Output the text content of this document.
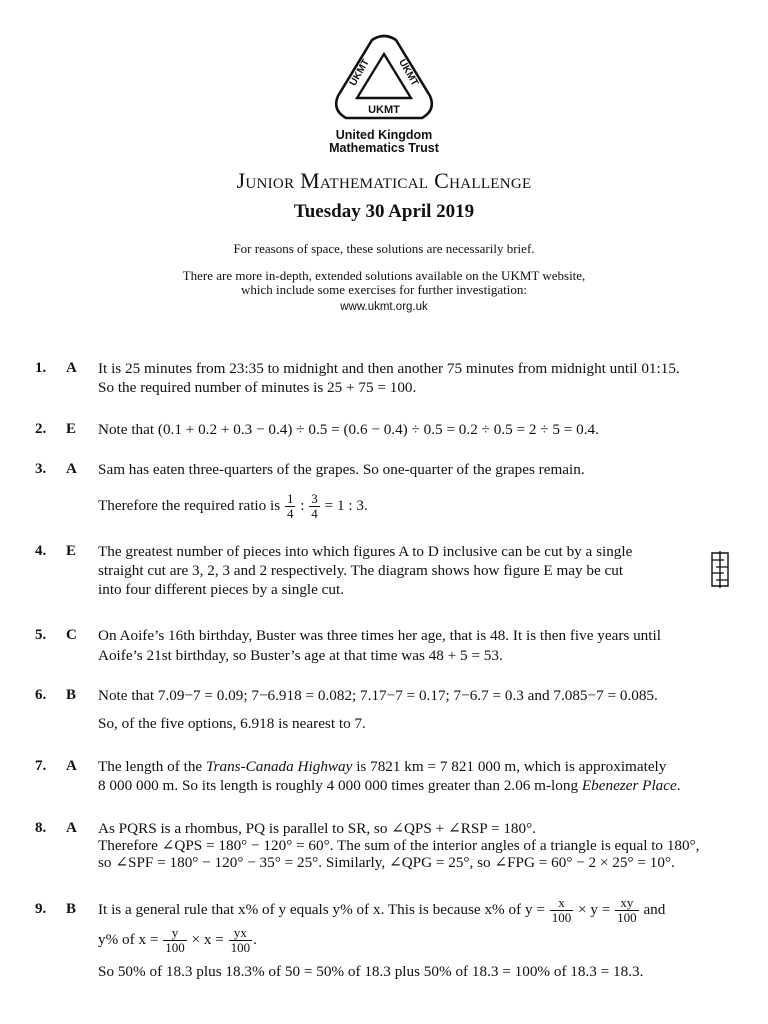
UKMT
UKMT UKMT
United Kingdom
Mathematics Trust
Junior Mathematical Challenge
Tuesday 30 April 2019
For reasons of space, these solutions are necessarily brief.
There are more in-depth, extended solutions available on the UKMT website,
which include some exercises for further investigation:
www.ukmt.org.uk
1. A It is 25 minutes from 23:35 to midnight and then another 75 minutes from midnight until 01:15.
So the required number of minutes is 25 + 75 = 100.
2. E Note that (0.1 + 0.2 + 0.3 − 0.4) ÷ 0.5 = (0.6 − 0.4) ÷ 0.5 = 0.2 ÷ 0.5 = 2 ÷ 5 = 0.4.
3. A Sam has eaten three-quarters of the grapes. So one-quarter of the grapes remain.
Therefore the required ratio is $\frac{1}{4}$ : $\frac{3}{4} = 1$ : 3.
4. E The greatest number of pieces into which figures A to D inclusive can be cut by a single
straight cut are 3, 2, 3 and 2 respectively. The diagram shows how figure E may be cut
into four different pieces by a single cut.
5. C On Aoife’s 16th birthday, Buster was three times her age, that is 48. It is then five years until
Aoife’s 21st birthday, so Buster’s age at that time was 48 + 5 = 53.
6. B Note that 7.09−7 = 0.09; 7−6.918 = 0.082; 7.17−7 = 0.17; 7−6.7 = 0.3 and 7.085−7 = 0.085.
So, of the five options, 6.918 is nearest to 7.
7. A The length of the Trans-Canada Highway is 7821 km = 7 821 000 m, which is approximately
8 000 000 m. So its length is roughly 4 000 000 times greater than 2.06 m-long Ebenezer Place.
8. A As PQRS is a rhombus, PQ is parallel to SR, so ∠QPS + ∠RSP = 180°.
Therefore ∠QPS = 180° − 120° = 60°. The sum of the interior angles of a triangle is equal to 180°,
so ∠SPF = 180° − 120° − 35° = 25°. Similarly, ∠QPG = 25°, so ∠FPG = 60° − 2 × 25° = 10°.
9. B It is a general rule that x% of y equals y% of x. This is because x% of $y = \frac{x}{100} \times y = \frac{xy}{100}$ and
y% of $x = \frac{y}{100} \times x = \frac{yx}{100}$ .
So 50% of 18.3 plus 18.3% of 50 = 50% of 18.3 plus 50% of 18.3 = 100% of 18.3 = 18.3.
